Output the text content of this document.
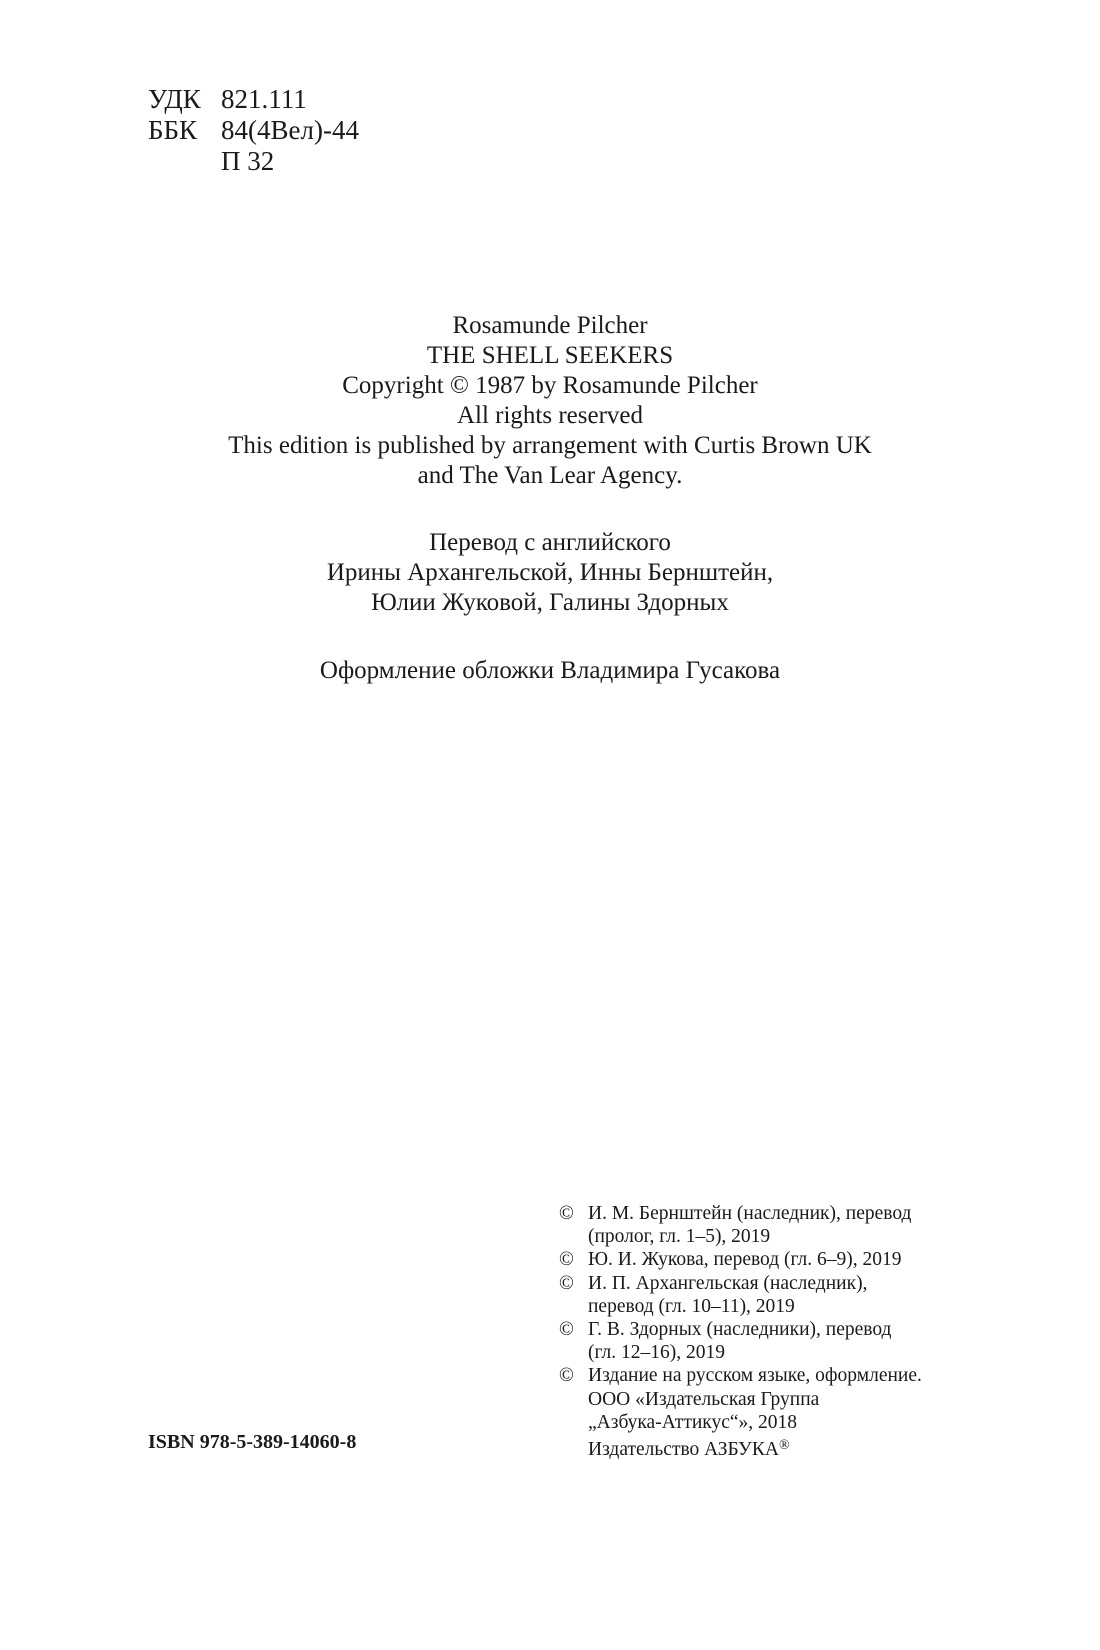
УДК 821.111
ББК 84(4Вел)-44
П 32
Rosamunde Pilcher
THE SHELL SEEKERS
Copyright © 1987 by Rosamunde Pilcher
All rights reserved
This edition is published by arrangement with Curtis Brown UK
and The Van Lear Agency.
Перевод с английского
Ирины Архангельской, Инны Бернштейн,
Юлии Жуковой, Галины Здорных
Оформление обложки Владимира Гусакова
© И. М. Бернштейн (наследник), перевод
(пролог, гл. 1–5), 2019
© Ю. И. Жукова, перевод (гл. 6–9), 2019
© И. П. Архангельская (наследник),
перевод (гл. 10–11), 2019
© Г. В. Здорных (наследники), перевод
(гл. 12–16), 2019
© Издание на русском языке, оформление.
ООО «Издательская Группа
„Азбука-Аттикус“», 2018
Издательство АЗБУКА®
ISBN 978-5-389-14060-8
